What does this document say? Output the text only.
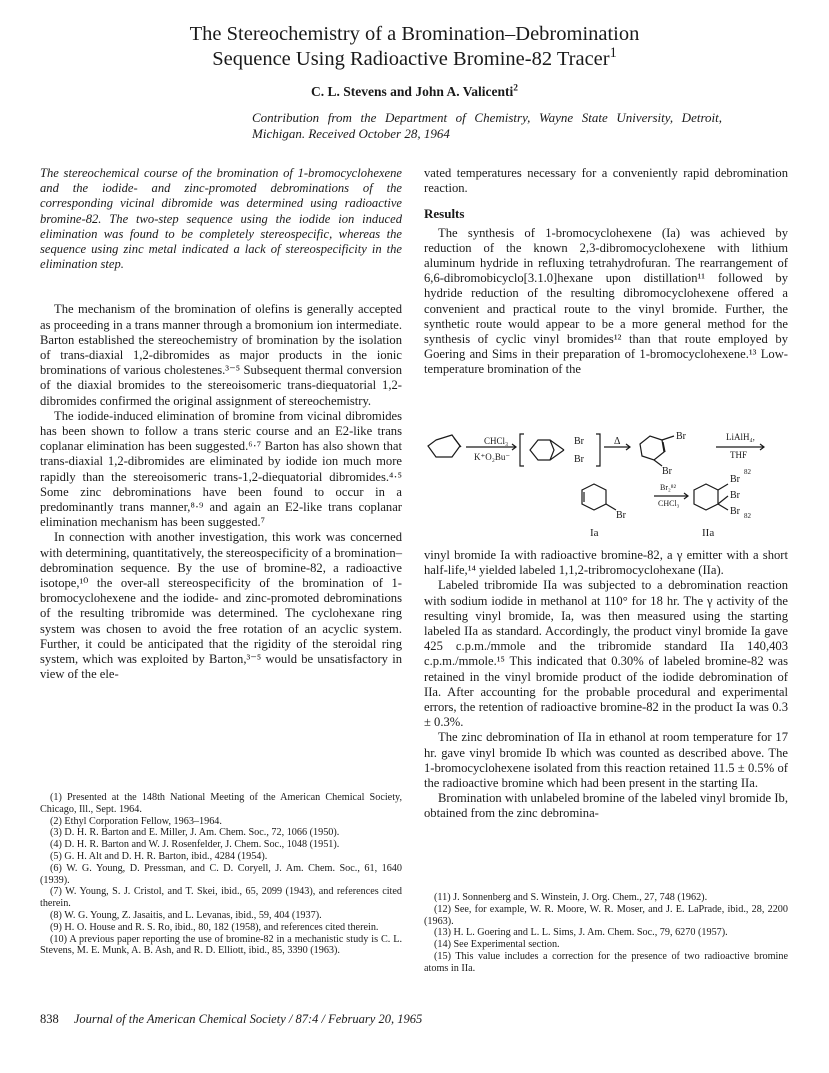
The Stereochemistry of a Bromination–Debromination
Sequence Using Radioactive Bromine-82 Tracer$^1$
C. L. Stevens and John A. Valicenti$^2$
Contribution from the Department of Chemistry, Wayne State University, Detroit, Michigan. Received October 28, 1964

The stereochemical course of the bromination of 1-bromocyclohexene and the iodide- and zinc-promoted debrominations of the corresponding vicinal dibromide was determined using radioactive bromine-82. The two-step sequence using the iodide ion induced elimination was found to be completely stereospecific, whereas the sequence using zinc metal indicated a lack of stereospecificity in the elimination step.

The mechanism of the bromination of olefins is generally accepted as proceeding in a trans manner through a bromonium ion intermediate. Barton established the stereochemistry of bromination by the isolation of trans-diaxial 1,2-dibromides as major products in the ionic brominations of various cholestenes.³⁻⁵ Subsequent thermal conversion of the diaxial bromides to the stereoisomeric trans-diequatorial 1,2-dibromides confirmed the original assignment of stereochemistry.

The iodide-induced elimination of bromine from vicinal dibromides has been shown to follow a trans steric course and an E2-like trans coplanar elimination has been suggested.⁶·⁷ Barton has also shown that trans-diaxial 1,2-dibromides are eliminated by iodide ion much more rapidly than the stereoisomeric trans-1,2-diequatorial dibromides.⁴·⁵ Some zinc debrominations have been found to occur in a predominantly trans manner,⁸·⁹ and again an E2-like trans coplanar elimination mechanism has been suggested.⁷

In connection with another investigation, this work was concerned with determining, quantitatively, the stereospecificity of a bromination–debromination sequence. By the use of bromine-82, a radioactive isotope,¹⁰ the over-all stereospecificity of the bromination of 1-bromocyclohexene and the iodide- and zinc-promoted debrominations of the resulting tribromide was determined. The cyclohexane ring system was chosen to avoid the free rotation of an acyclic system. Further, it could be anticipated that the rigidity of the steroidal ring system, which was exploited by Barton,³⁻⁵ would be unsatisfactory in view of the ele-

(1) Presented at the 148th National Meeting of the American Chemical Society, Chicago, Ill., Sept. 1964.

(2) Ethyl Corporation Fellow, 1963–1964.

(3) D. H. R. Barton and E. Miller, J. Am. Chem. Soc., 72, 1066 (1950).

(4) D. H. R. Barton and W. J. Rosenfelder, J. Chem. Soc., 1048 (1951).

(5) G. H. Alt and D. H. R. Barton, ibid., 4284 (1954).

(6) W. G. Young, D. Pressman, and C. D. Coryell, J. Am. Chem. Soc., 61, 1640 (1939).

(7) W. Young, S. J. Cristol, and T. Skei, ibid., 65, 2099 (1943), and references cited therein.

(8) W. G. Young, Z. Jasaitis, and L. Levanas, ibid., 59, 404 (1937).

(9) H. O. House and R. S. Ro, ibid., 80, 182 (1958), and references cited therein.

(10) A previous paper reporting the use of bromine-82 in a mechanistic study is C. L. Stevens, M. E. Munk, A. B. Ash, and R. D. Elliott, ibid., 85, 3390 (1963).

vated temperatures necessary for a conveniently rapid debromination reaction.

Results

The synthesis of 1-bromocyclohexene (Ia) was achieved by reduction of the known 2,3-dibromocyclohexene with lithium aluminum hydride in refluxing tetrahydrofuran. The rearrangement of 6,6-dibromobicyclo[3.1.0]hexane upon distillation¹¹ followed by hydride reduction of the resulting dibromocyclohexene offered a convenient and practical route to the vinyl bromide. Further, the synthetic route would appear to be a more general method for the synthesis of cyclic vinyl bromides¹² than that route employed by Goering and Sims in their preparation of 1-bromocyclohexene.¹³ Low-temperature bromination of the

CHCl₃
K⁺O₂Bu⁻
Br
Br
Δ	Br
Br
LiAlH₄,
THF
Br
Br₂⁸²
CHCl₃
Br
82
Br
Br 82
Ia	IIa

vinyl bromide Ia with radioactive bromine-82, a γ emitter with a short half-life,¹⁴ yielded labeled 1,1,2-tribromocyclohexane (IIa).

Labeled tribromide IIa was subjected to a debromination reaction with sodium iodide in methanol at 110° for 18 hr. The γ activity of the resulting vinyl bromide, Ia, was then measured using the starting labeled IIa as standard. Accordingly, the product vinyl bromide Ia gave 425 c.p.m./mmole and the tribromide standard IIa 140,403 c.p.m./mmole.¹⁵ This indicated that 0.30% of labeled bromine-82 was retained in the vinyl bromide product of the iodide debromination of IIa. After accounting for the probable procedural and experimental errors, the retention of radioactive bromine-82 in the product Ia was 0.3 ± 0.3%.

The zinc debromination of IIa in ethanol at room temperature for 17 hr. gave vinyl bromide Ib which was counted as described above. The 1-bromocyclohexene isolated from this reaction retained 11.5 ± 0.5% of the radioactive bromine which had been present in the starting IIa.

Bromination with unlabeled bromine of the labeled vinyl bromide Ib, obtained from the zinc debromina-

(11) J. Sonnenberg and S. Winstein, J. Org. Chem., 27, 748 (1962).

(12) See, for example, W. R. Moore, W. R. Moser, and J. E. LaPrade, ibid., 28, 2200 (1963).

(13) H. L. Goering and L. L. Sims, J. Am. Chem. Soc., 79, 6270 (1957).

(14) See Experimental section.

(15) This value includes a correction for the presence of two radioactive bromine atoms in IIa.

838 Journal of the American Chemical Society / 87:4 / February 20, 1965
